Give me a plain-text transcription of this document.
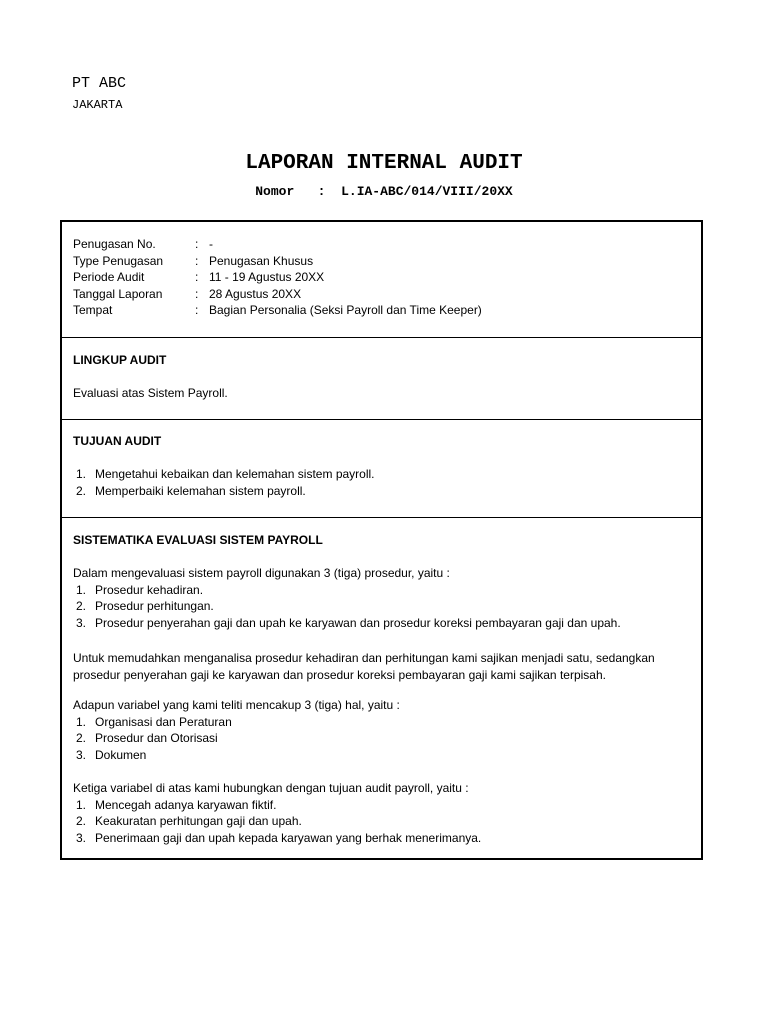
PT ABC
JAKARTA
LAPORAN INTERNAL AUDIT
Nomor : L.IA-ABC/014/VIII/20XX
Penugasan No.	:	-
Type Penugasan	:	Penugasan Khusus
Periode Audit	:	11 - 19 Agustus 20XX
Tanggal Laporan	:	28 Agustus 20XX
Tempat	:	Bagian Personalia (Seksi Payroll dan Time Keeper)
LINGKUP AUDIT
Evaluasi atas Sistem Payroll.
TUJUAN AUDIT
1. Mengetahui kebaikan dan kelemahan sistem payroll.
2. Memperbaiki kelemahan sistem payroll.
SISTEMATIKA EVALUASI SISTEM PAYROLL
Dalam mengevaluasi sistem payroll digunakan 3 (tiga) prosedur, yaitu :
1. Prosedur kehadiran.
2. Prosedur perhitungan.
3. Prosedur penyerahan gaji dan upah ke karyawan dan prosedur koreksi pembayaran gaji dan upah.
Untuk memudahkan menganalisa prosedur kehadiran dan perhitungan kami sajikan menjadi satu, sedangkan prosedur penyerahan gaji ke karyawan dan prosedur koreksi pembayaran gaji kami sajikan terpisah.
Adapun variabel yang kami teliti mencakup 3 (tiga) hal, yaitu :
1. Organisasi dan Peraturan
2. Prosedur dan Otorisasi
3. Dokumen
Ketiga variabel di atas kami hubungkan dengan tujuan audit payroll, yaitu :
1. Mencegah adanya karyawan fiktif.
2. Keakuratan perhitungan gaji dan upah.
3. Penerimaan gaji dan upah kepada karyawan yang berhak menerimanya.
